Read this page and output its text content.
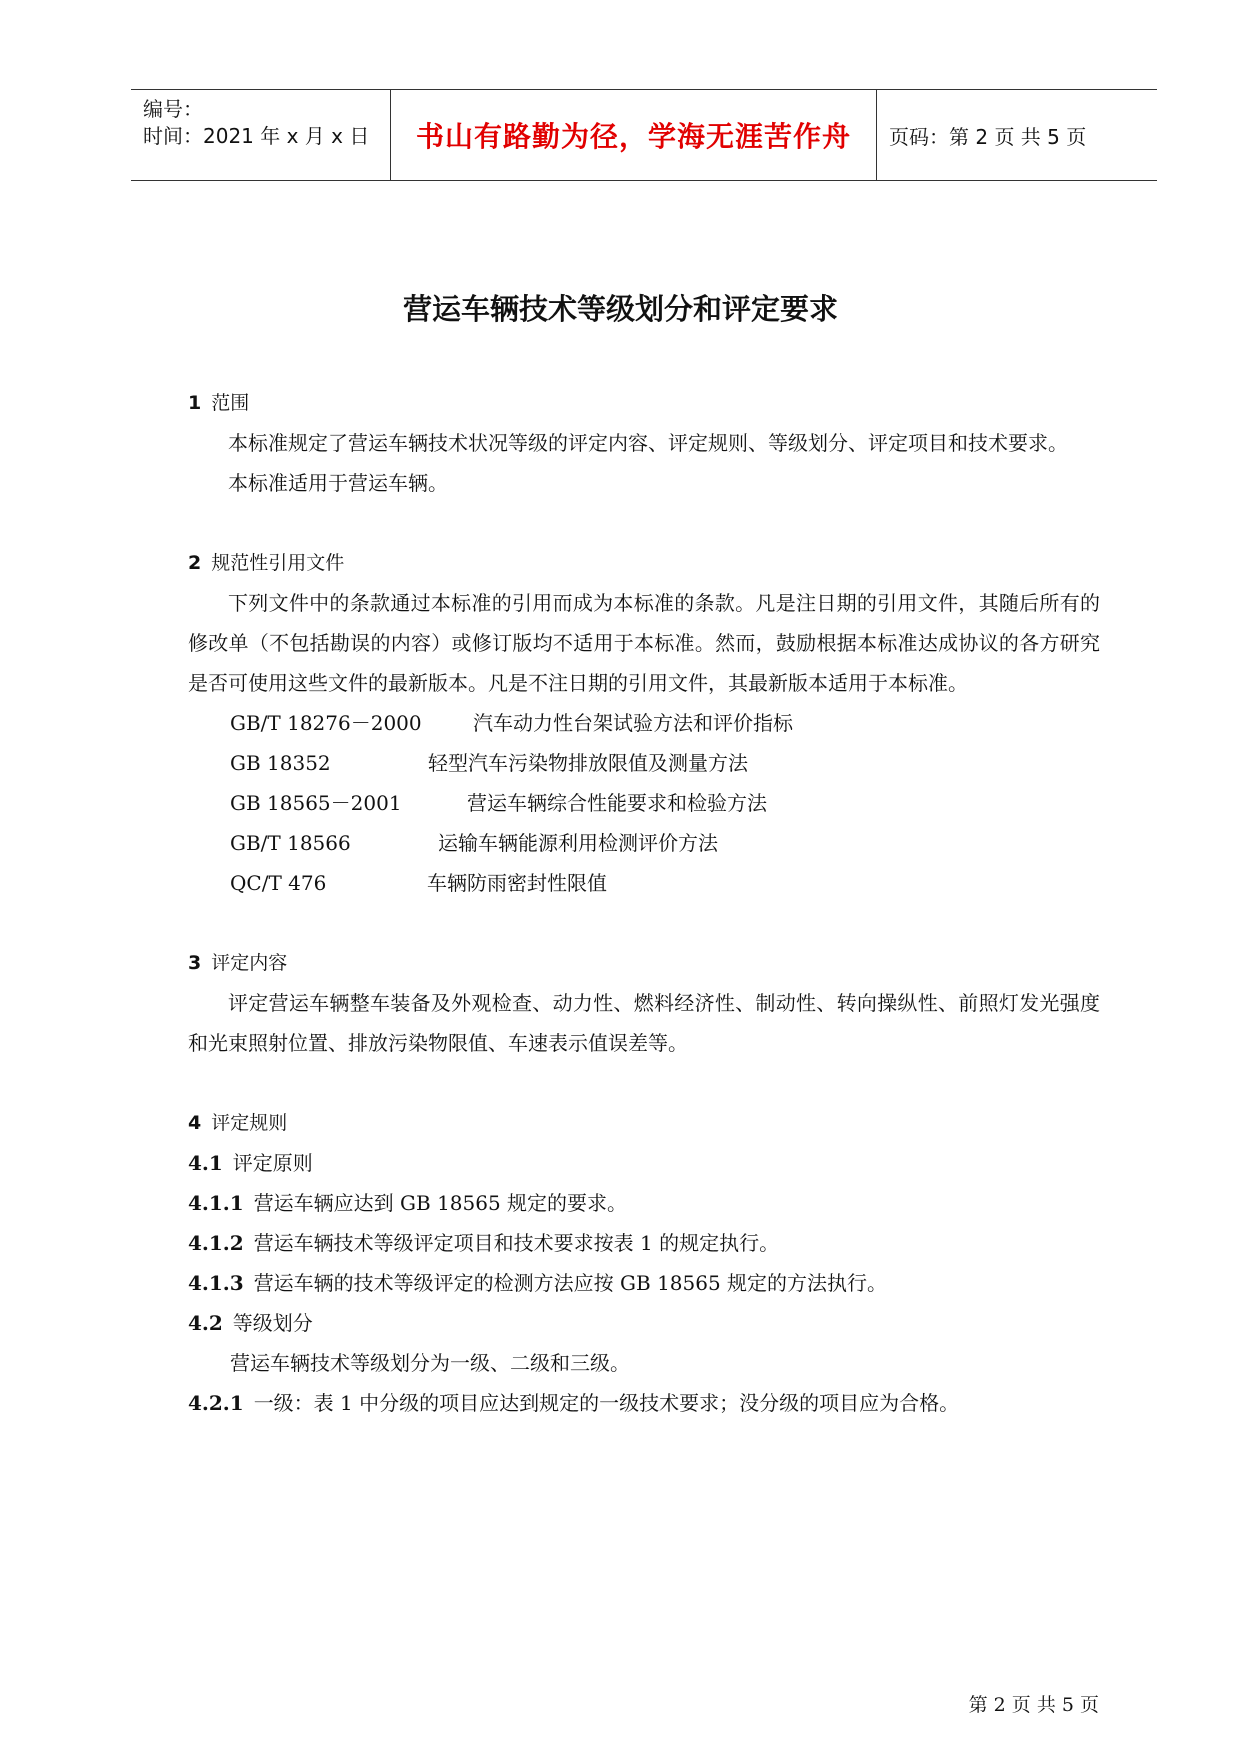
编号：
时间：2021 年 x 月 x 日 书山有路勤为径，学海无涯苦作舟 页码：第 2 页 共 5 页
营运车辆技术等级划分和评定要求
1 范围
本标准规定了营运车辆技术状况等级的评定内容、评定规则、等级划分、评定项目和技术要求。
本标准适用于营运车辆。
2 规范性引用文件
下列文件中的条款通过本标准的引用而成为本标准的条款。凡是注日期的引用文件，其随后所有的修改单（不包括勘误的内容）或修订版均不适用于本标准。然而，鼓励根据本标准达成协议的各方研究是否可使用这些文件的最新版本。凡是不注日期的引用文件，其最新版本适用于本标准。
GB/T 18276－2000	汽车动力性台架试验方法和评价指标
GB 18352	轻型汽车污染物排放限值及测量方法
GB 18565－2001	营运车辆综合性能要求和检验方法
GB/T 18566	运输车辆能源利用检测评价方法
QC/T 476	车辆防雨密封性限值
3 评定内容
评定营运车辆整车装备及外观检查、动力性、燃料经济性、制动性、转向操纵性、前照灯发光强度和光束照射位置、排放污染物限值、车速表示值误差等。
4 评定规则
4.1 评定原则
4.1.1 营运车辆应达到 GB 18565 规定的要求。
4.1.2 营运车辆技术等级评定项目和技术要求按表 1 的规定执行。
4.1.3 营运车辆的技术等级评定的检测方法应按 GB 18565 规定的方法执行。
4.2 等级划分
营运车辆技术等级划分为一级、二级和三级。
4.2.1 一级：表 1 中分级的项目应达到规定的一级技术要求；没分级的项目应为合格。
第 2 页 共 5 页
